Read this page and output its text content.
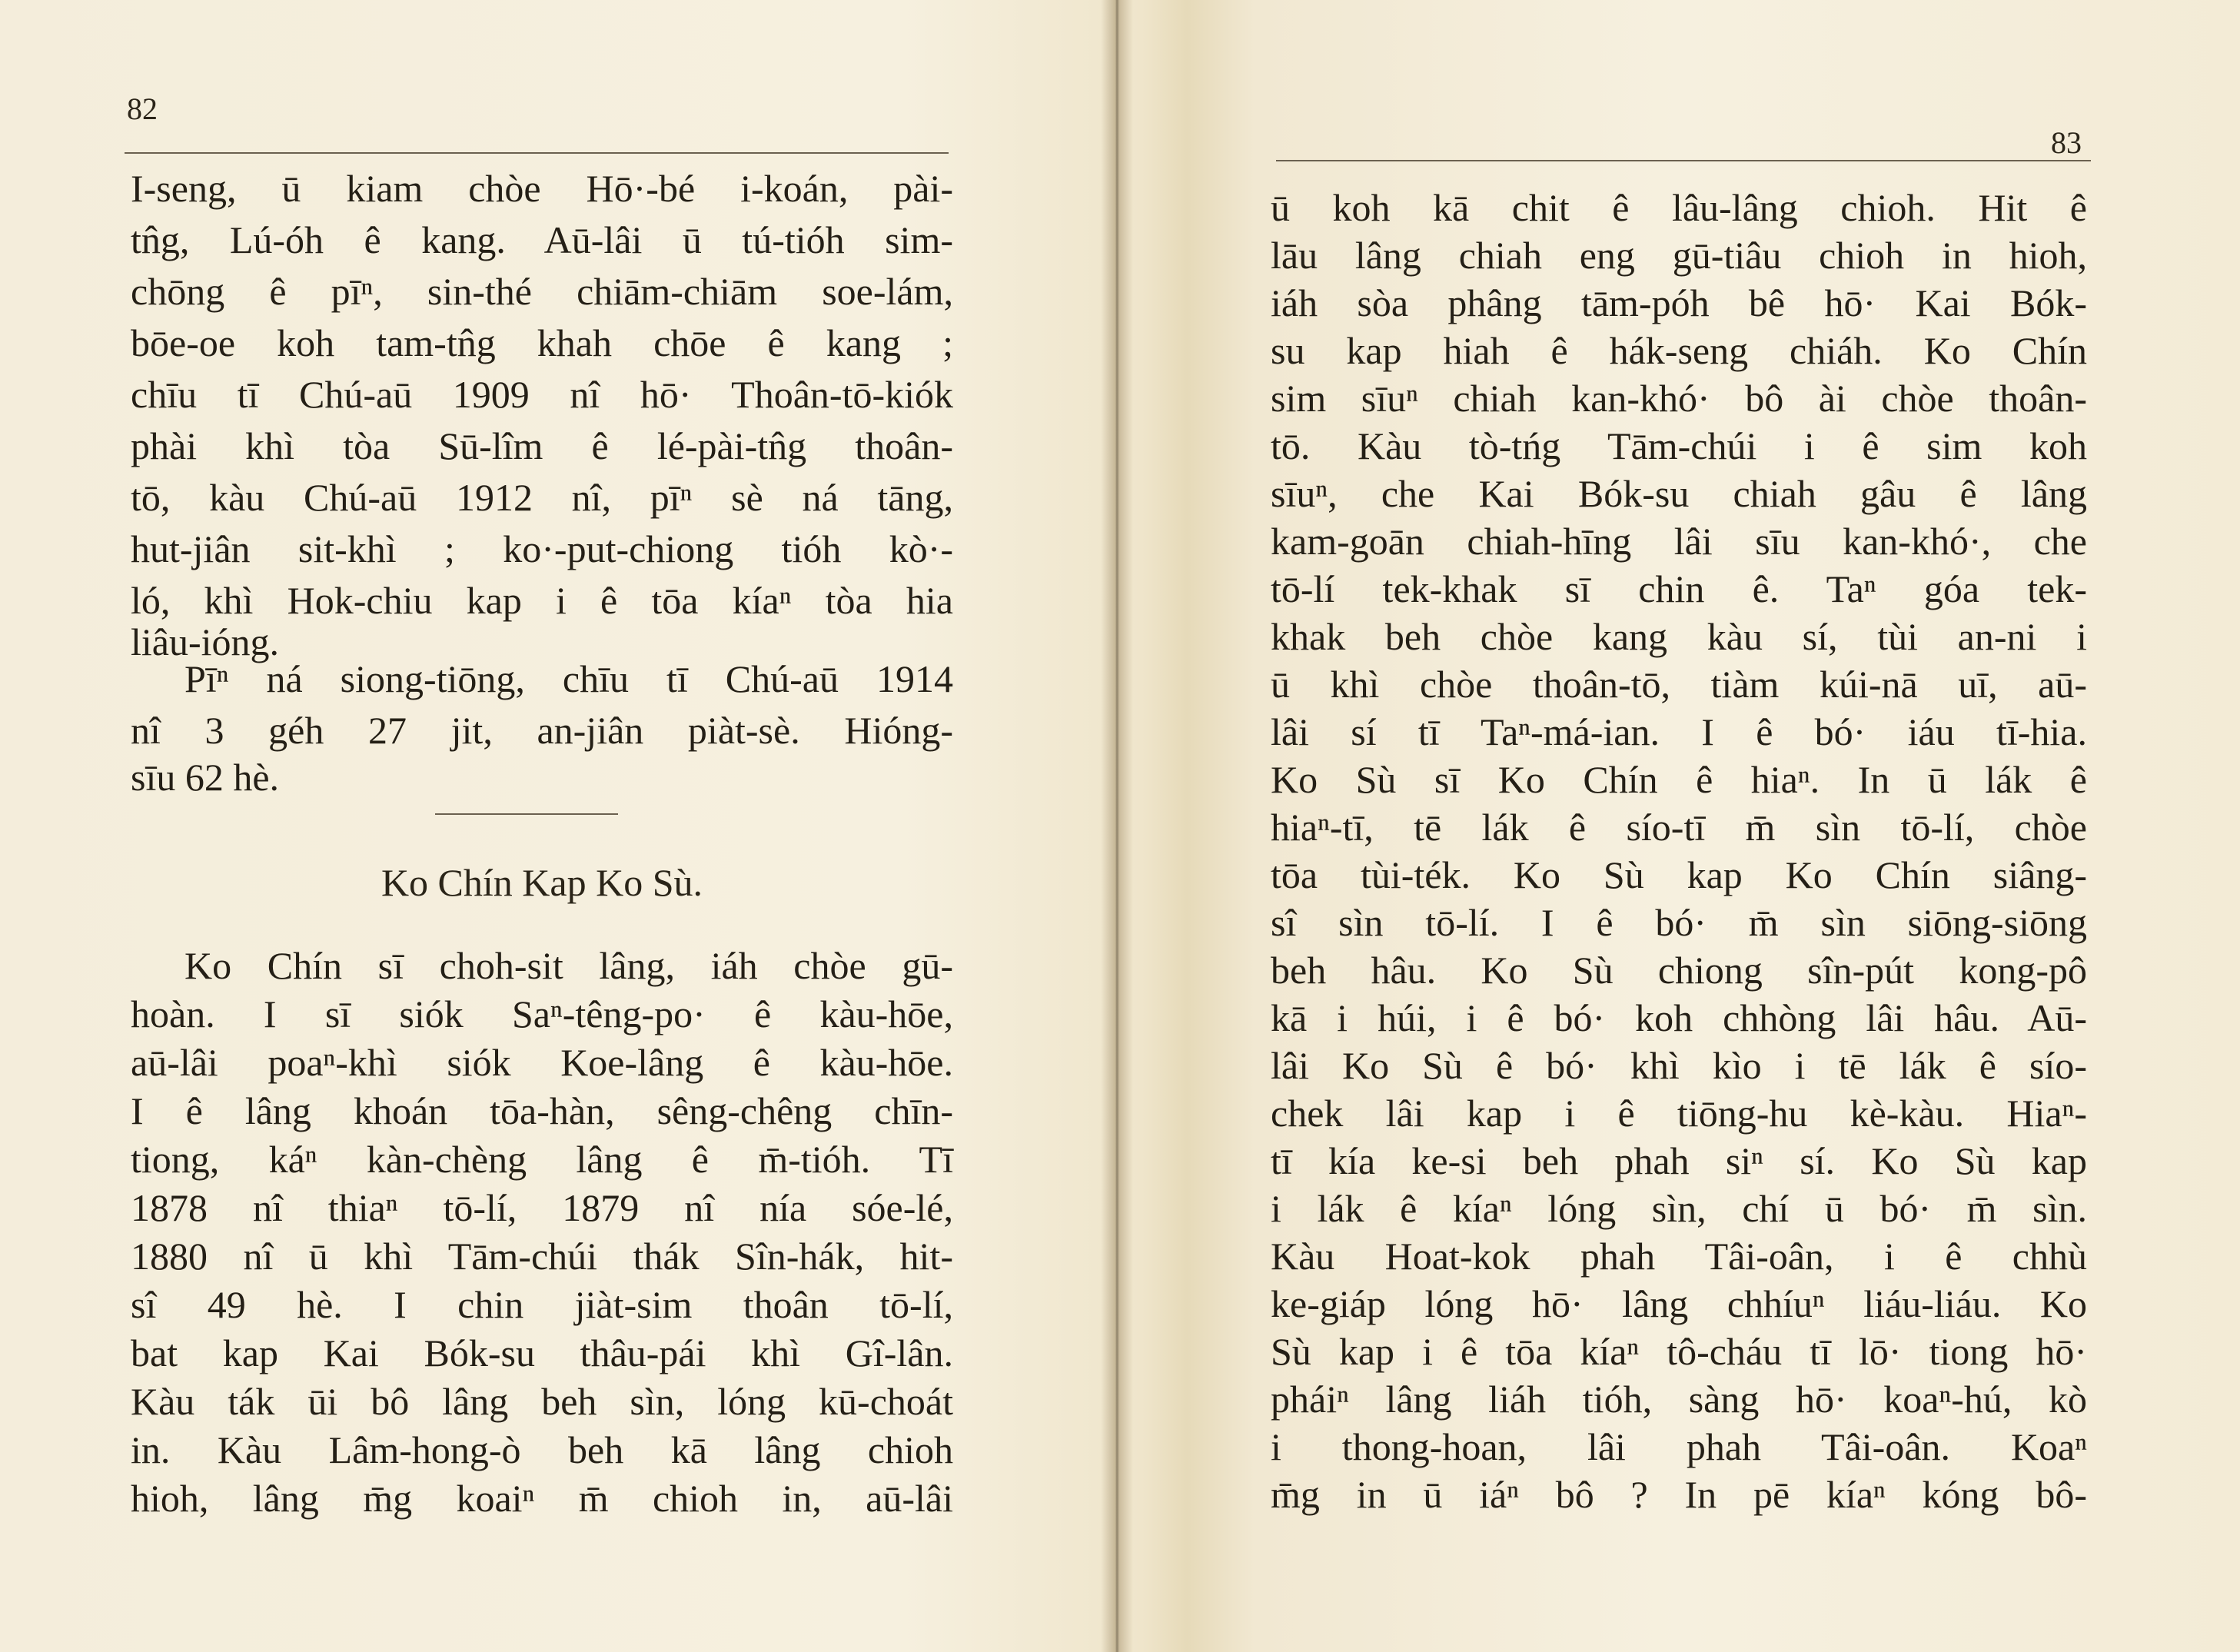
82
I-seng, ū kiam chòe Hō·-bé i-koán, pài-
tn̂g, Lú-óh ê kang. Aū-lâi ū tú-tióh sim-
chōng ê pīⁿ, sin-thé chiām-chiām soe-lám,
bōe-oe koh tam-tn̂g khah chōe ê kang ;
chīu tī Chú-aū 1909 nî hō· Thoân-tō-kiók
phài khì tòa Sū-lîm ê lé-pài-tn̂g thoân-
tō, kàu Chú-aū 1912 nî, pīⁿ sè ná tāng,
hut-jiân sit-khì ; ko·-put-chiong tióh kò·-
ló, khì Hok-chiu kap i ê tōa kíaⁿ tòa hia
liâu-ióng.
Pīⁿ ná siong-tiōng, chīu tī Chú-aū 1914
nî 3 géh 27 jit, an-jiân piàt-sè. Hióng-
sīu 62 hè.
Ko Chín Kap Ko Sù.
Ko Chín sī choh-sit lâng, iáh chòe gū-
hoàn. I sī siók Saⁿ-têng-po· ê kàu-hōe,
aū-lâi poaⁿ-khì siók Koe-lâng ê kàu-hōe.
I ê lâng khoán tōa-hàn, sêng-chêng chīn-
tiong, káⁿ kàn-chèng lâng ê m̄-tióh. Tī
1878 nî thiaⁿ tō-lí, 1879 nî nía sóe-lé,
1880 nî ū khì Tām-chúi thák Sîn-hák, hit-
sî 49 hè. I chin jiàt-sim thoân tō-lí,
bat kap Kai Bók-su thâu-pái khì Gî-lân.
Kàu ták ūi bô lâng beh sìn, lóng kū-choát
in. Kàu Lâm-hong-ò beh kā lâng chioh
hioh, lâng m̄g koaiⁿ m̄ chioh in, aū-lâi
83
ū koh kā chit ê lâu-lâng chioh. Hit ê
lāu lâng chiah eng gū-tiâu chioh in hioh,
iáh sòa phâng tām-póh bê hō· Kai Bók-
su kap hiah ê hák-seng chiáh. Ko Chín
sim sīuⁿ chiah kan-khó· bô ài chòe thoân-
tō. Kàu tò-tńg Tām-chúi i ê sim koh
sīuⁿ, che Kai Bók-su chiah gâu ê lâng
kam-goān chiah-hīng lâi sīu kan-khó·, che
tō-lí tek-khak sī chin ê. Taⁿ góa tek-
khak beh chòe kang kàu sí, tùi an-ni i
ū khì chòe thoân-tō, tiàm kúi-nā uī, aū-
lâi sí tī Taⁿ-má-ian. I ê bó· iáu tī-hia.
Ko Sù sī Ko Chín ê hiaⁿ. In ū lák ê
hiaⁿ-tī, tē lák ê sío-tī m̄ sìn tō-lí, chòe
tōa tùi-ték. Ko Sù kap Ko Chín siâng-
sî sìn tō-lí. I ê bó· m̄ sìn siōng-siōng
beh hâu. Ko Sù chiong sîn-pút kong-pô
kā i húi, i ê bó· koh chhòng lâi hâu. Aū-
lâi Ko Sù ê bó· khì kìo i tē lák ê sío-
chek lâi kap i ê tiōng-hu kè-kàu. Hiaⁿ-
tī kía ke-si beh phah siⁿ sí. Ko Sù kap
i lák ê kíaⁿ lóng sìn, chí ū bó· m̄ sìn.
Kàu Hoat-kok phah Tâi-oân, i ê chhù
ke-giáp lóng hō· lâng chhíuⁿ liáu-liáu. Ko
Sù kap i ê tōa kíaⁿ tô-cháu tī lō· tiong hō·
pháiⁿ lâng liáh tióh, sàng hō· koaⁿ-hú, kò
i thong-hoan, lâi phah Tâi-oân. Koaⁿ
m̄g in ū iáⁿ bô ? In pē kíaⁿ kóng bô-
